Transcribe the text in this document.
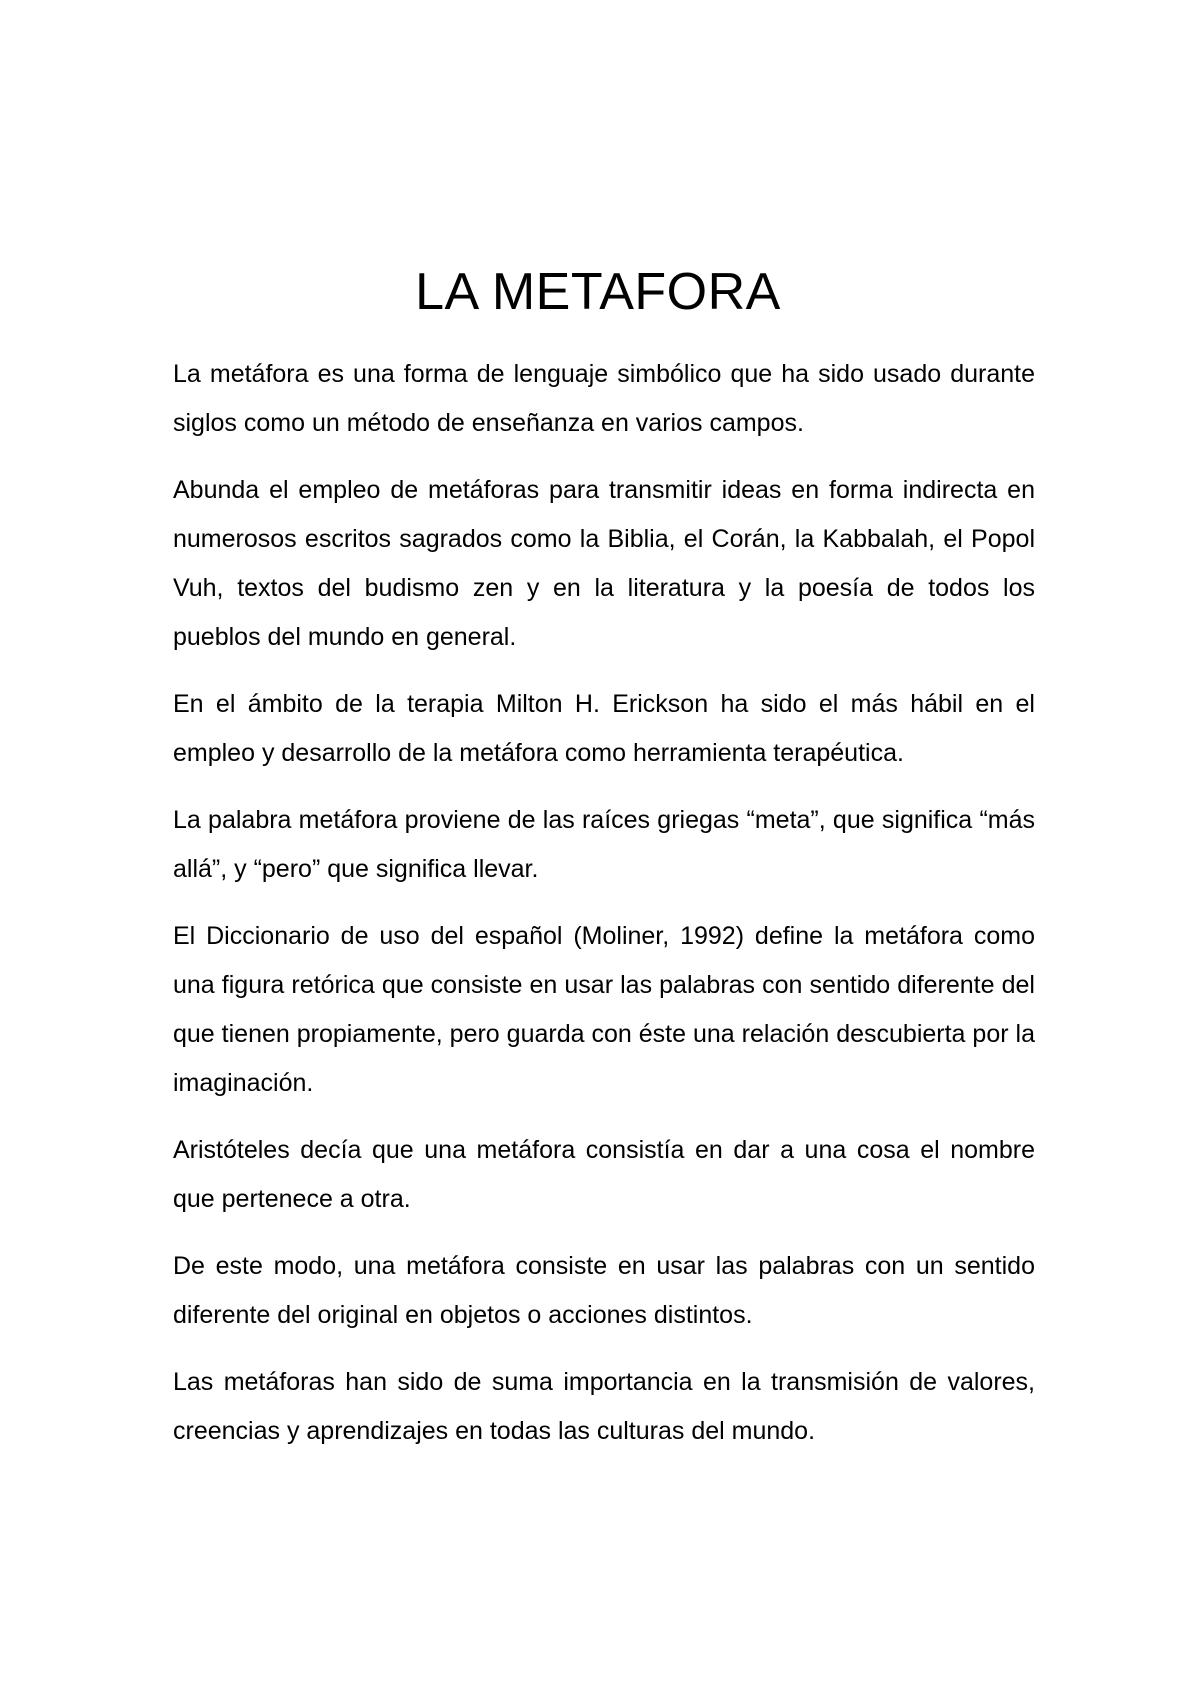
LA METAFORA

La metáfora es una forma de lenguaje simbólico que ha sido usado durante siglos como un método de enseñanza en varios campos.

Abunda el empleo de metáforas para transmitir ideas en forma indirecta en numerosos escritos sagrados como la Biblia, el Corán, la Kabbalah, el Popol Vuh, textos del budismo zen y en la literatura y la poesía de todos los pueblos del mundo en general.

En el ámbito de la terapia Milton H. Erickson ha sido el más hábil en el empleo y desarrollo de la metáfora como herramienta terapéutica.

La palabra metáfora proviene de las raíces griegas “meta”, que significa “más allá”, y “pero” que significa llevar.

El Diccionario de uso del español (Moliner, 1992) define la metáfora como una figura retórica que consiste en usar las palabras con sentido diferente del que tienen propiamente, pero guarda con éste una relación descubierta por la imaginación.

Aristóteles decía que una metáfora consistía en dar a una cosa el nombre que pertenece a otra.

De este modo, una metáfora consiste en usar las palabras con un sentido diferente del original en objetos o acciones distintos.

Las metáforas han sido de suma importancia en la transmisión de valores, creencias y aprendizajes en todas las culturas del mundo.
